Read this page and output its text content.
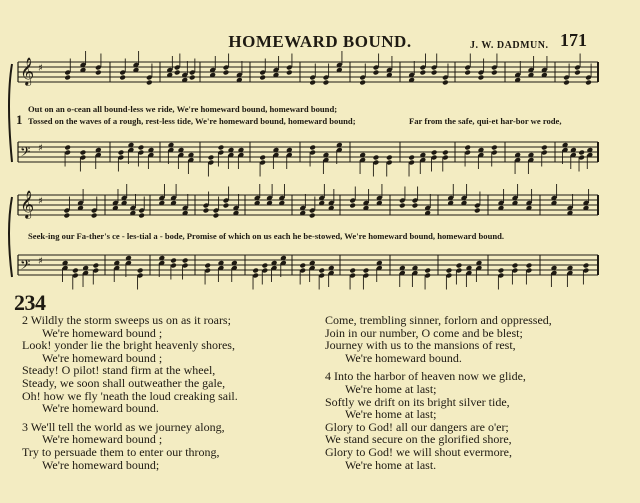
HOMEWARD BOUND.	J. W. DADMUN. 171
𝄞 ♯
𝄢 ♯
𝄞 ♯
𝄢 ♯
1
Out on an o-cean all bound-less we ride, We're homeward bound, homeward bound;
Tossed on the waves of a rough, rest-less tide, We're homeward bound, homeward bound;	Far from the safe, qui-et har-bor we rode,
Seek-ing our Fa-ther's ce - les-tial a - bode, Promise of which on us each he be-stowed, We're homeward bound, homeward bound.
234
2 Wildly the storm sweeps us on as it roars;
We're homeward bound ;
Look! yonder lie the bright heavenly shores,
We're homeward bound ;
Steady! O pilot! stand firm at the wheel,
Steady, we soon shall outweather the gale,
Oh! how we fly 'neath the loud creaking sail.
We're homeward bound.
3 We'll tell the world as we journey along,
We're homeward bound ;
Try to persuade them to enter our throng,
We're homeward bound;
Come, trembling sinner, forlorn and oppressed,
Join in our number, O come and be blest;
Journey with us to the mansions of rest,
We're homeward bound.
4 Into the harbor of heaven now we glide,
We're home at last;
Softly we drift on its bright silver tide,
We're home at last;
Glory to God! all our dangers are o'er;
We stand secure on the glorified shore,
Glory to God! we will shout evermore,
We're home at last.
